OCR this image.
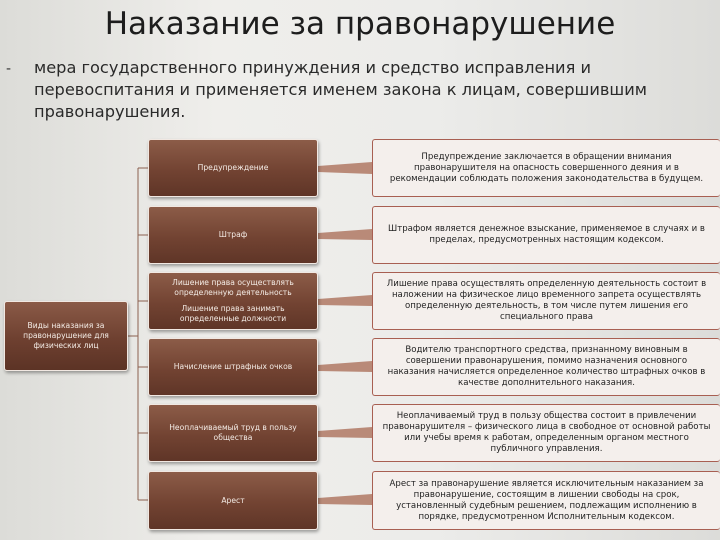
Наказание за правонарушение
- мера государственного принуждения и средство исправления и перевоспитания и применяется именем закона к лицам, совершившим правонарушения.
Виды наказания за правонарушение для физических лиц
Предупреждение
Предупреждение заключается в обращении внимания правонарушителя на опасность совершенного деяния и в рекомендации соблюдать положения законодательства в будущем.
Штраф
Штрафом является денежное взыскание, применяемое в случаях и в пределах, предусмотренных настоящим кодексом.
Лишение права осуществлять определенную деятельность
Лишение права занимать определенные должности
Лишение права осуществлять определенную деятельность состоит в наложении на физическое лицо временного запрета осуществлять определенную деятельность, в том числе путем лишения его специального права
Начисление штрафных очков
Водителю транспортного средства, признанному виновным в совершении правонарушения, помимо назначения основного наказания начисляется определенное количество штрафных очков в качестве дополнительного наказания.
Неоплачиваемый труд в пользу общества
Неоплачиваемый труд в пользу общества состоит в привлечении правонарушителя – физического лица в свободное от основной работы или учебы время к работам, определенным органом местного публичного управления.
Арест
Арест за правонарушение является исключительным наказанием за правонарушение, состоящим в лишении свободы на срок, установленный судебным решением, подлежащим исполнению в порядке, предусмотренном Исполнительным кодексом.
